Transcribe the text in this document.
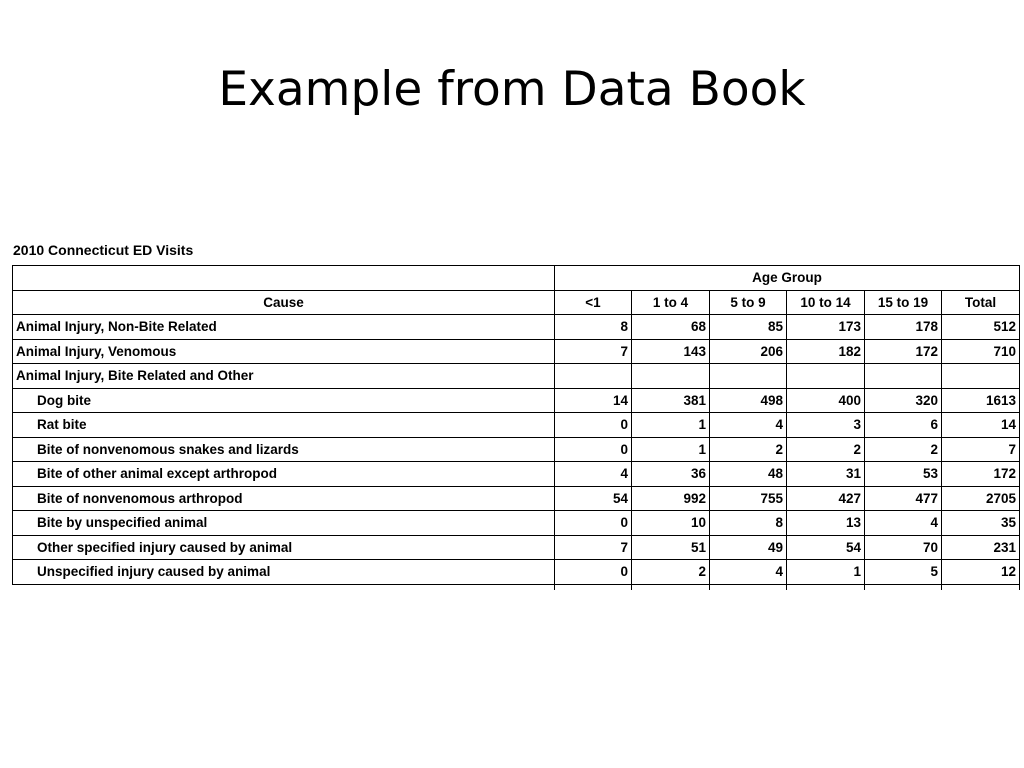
Example from Data Book
2010 Connecticut ED Visits
	Age Group					
Cause	<1	1 to 4	5 to 9	10 to 14	15 to 19	Total
Animal Injury, Non-Bite Related	8	68	85	173	178	512
Animal Injury, Venomous	7	143	206	182	172	710
Animal Injury, Bite Related and Other						
Dog bite	14	381	498	400	320	1613
Rat bite	0	1	4	3	6	14
Bite of nonvenomous snakes and lizards	0	1	2	2	2	7
Bite of other animal except arthropod	4	36	48	31	53	172
Bite of nonvenomous arthropod	54	992	755	427	477	2705
Bite by unspecified animal	0	10	8	13	4	35
Other specified injury caused by animal	7	51	49	54	70	231
Unspecified injury caused by animal	0	2	4	1	5	12
